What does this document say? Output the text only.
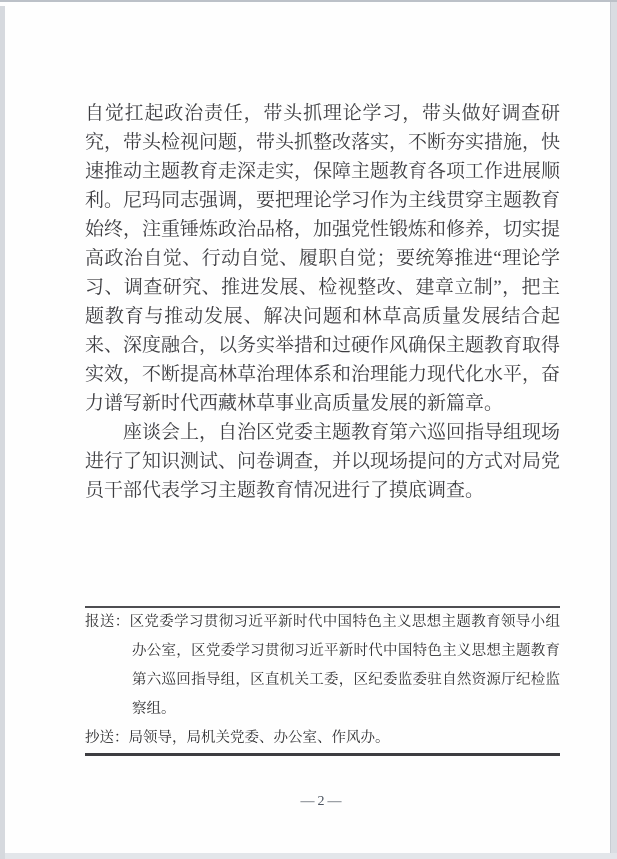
自觉扛起政治责任，带头抓理论学习，带头做好调查研究，带头检视问题，带头抓整改落实，不断夯实措施，快速推动主题教育走深走实，保障主题教育各项工作进展顺利。尼玛同志强调，要把理论学习作为主线贯穿主题教育始终，注重锤炼政治品格，加强党性锻炼和修养，切实提高政治自觉、行动自觉、履职自觉；要统筹推进“理论学习、调查研究、推进发展、检视整改、建章立制”，把主题教育与推动发展、解决问题和林草高质量发展结合起来、深度融合，以务实举措和过硬作风确保主题教育取得实效，不断提高林草治理体系和治理能力现代化水平，奋力谱写新时代西藏林草事业高质量发展的新篇章。

座谈会上，自治区党委主题教育第六巡回指导组现场进行了知识测试、问卷调查，并以现场提问的方式对局党员干部代表学习主题教育情况进行了摸底调查。

报送：区党委学习贯彻习近平新时代中国特色主义思想主题教育领导小组办公室，区党委学习贯彻习近平新时代中国特色主义思想主题教育第六巡回指导组，区直机关工委，区纪委监委驻自然资源厅纪检监察组。

抄送：局领导，局机关党委、办公室、作风办。

—2—
